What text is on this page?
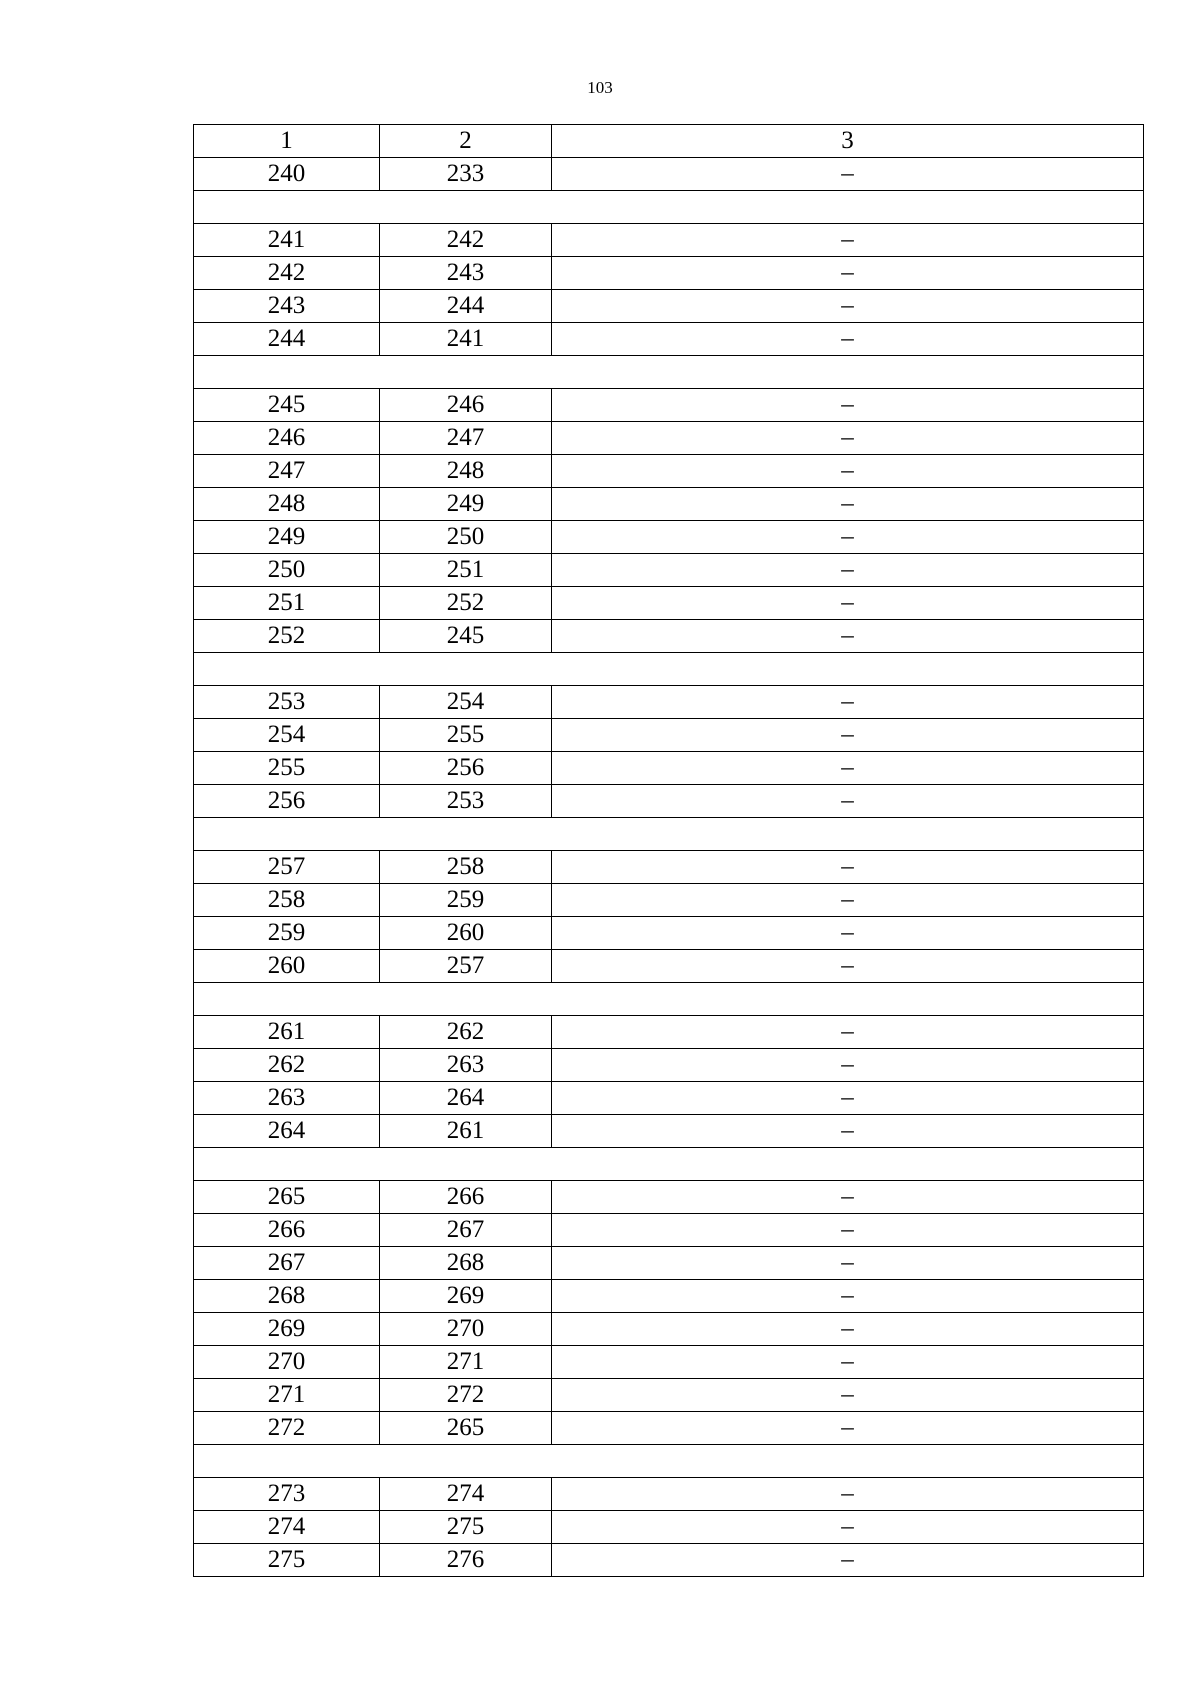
103
1	2	3
240	233	–

241	242	–
242	243	–
243	244	–
244	241	–

245	246	–
246	247	–
247	248	–
248	249	–
249	250	–
250	251	–
251	252	–
252	245	–

253	254	–
254	255	–
255	256	–
256	253	–

257	258	–
258	259	–
259	260	–
260	257	–

261	262	–
262	263	–
263	264	–
264	261	–

265	266	–
266	267	–
267	268	–
268	269	–
269	270	–
270	271	–
271	272	–
272	265	–

273	274	–
274	275	–
275	276	–
